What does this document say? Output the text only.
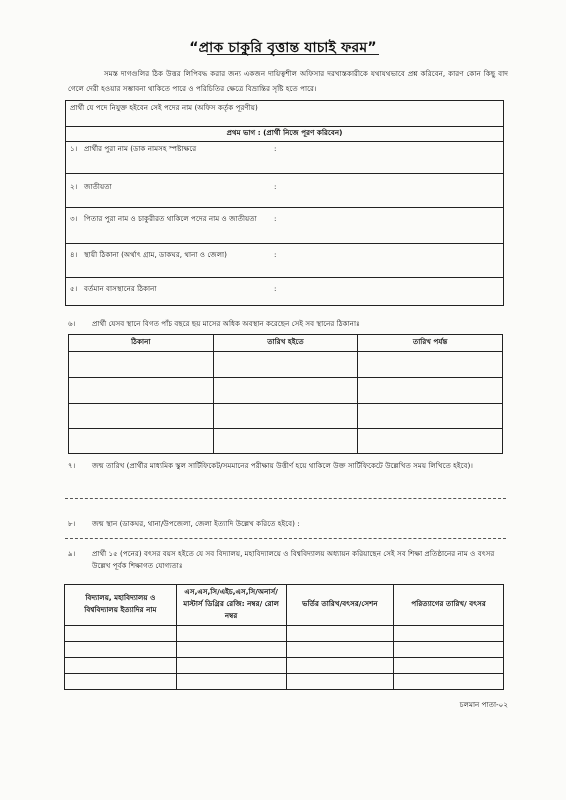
“প্রাক চাকুরি বৃত্তান্ত যাচাই ফরম”
সমস্ত দাগগুলির ঠিক উত্তর লিপিবদ্ধ করার জন্য একজন দায়িত্বশীল অফিসার দরখাস্তকারীকে যথাযথভাবে প্রশ্ন করিবেন, কারণ কোন কিছু বাদ গেলে দেরী হওয়ার সম্ভাবনা থাকিতে পারে ও পরিচিতির ক্ষেত্রে বিভ্রান্তির সৃষ্টি হতে পারে।
প্রার্থী যে পদে নিযুক্ত হইবেন সেই পদের নাম (অফিস কর্তৃক পূরণীয়)

প্রথম ভাগ : (প্রার্থী নিজে পূরণ করিবেন)

১। প্রার্থীর পুরা নাম (ডাক নামসহ স্পষ্টাক্ষরে	:

২। জাতীয়তা	:

৩। পিতার পুরা নাম ও চাকুরীরত থাকিলে পদের নাম ও জাতীয়তা	:

৪। স্থায়ী ঠিকানা (অর্থাৎ গ্রাম, ডাকঘর, থানা ও জেলা)	:

৫। বর্তমান বাসস্থানের ঠিকানা	:
৬। প্রার্থী যেসব স্থানে বিগত পাঁচ বছরে ছয় মাসের অধিক অবস্থান করেছেন সেই সব স্থানের ঠিকানাঃ
ঠিকানা	তারিখ হইতে	তারিখ পর্যন্ত

৭।	জন্ম তারিখ (প্রার্থীর মাধ্যমিক স্কুল সার্টিফিকেট/সমমানের পরীক্ষায় উত্তীর্ণ হয়ে থাকিলে উক্ত সার্টিফিকেটে উল্লেখিত সময় লিখিতে হইবে)।
৮। জন্ম স্থান (ডাকঘর, থানা/উপজেলা, জেলা ইত্যাদি উল্লেখ করিতে হইবে) :
৯।	প্রার্থী ১৫ (পনের) বৎসর বয়স হইতে যে সব বিদ্যালয়, মহাবিদ্যালয়ে ও বিশ্ববিদ্যালয় অধ্যায়ন করিয়াছেন সেই সব শিক্ষা প্রতিষ্ঠানের নাম ও বৎসর উল্লেখ পূর্বক শিক্ষাগত যোগ্যতাঃ
বিদ্যালয়, মহাবিদ্যালয় ও বিশ্ববিদ্যালয় ইত্যাদির নাম	এস,এস,সি/এইচ,এস,সি/অনার্স/মাস্টার্স ডিগ্রির রেজি: নম্বর/ রোল নম্বর	ভর্তির তারিখ/বৎসর/সেশন	পরিত্যাগের তারিখ/ বৎসর

চলমান পাতা-০২
